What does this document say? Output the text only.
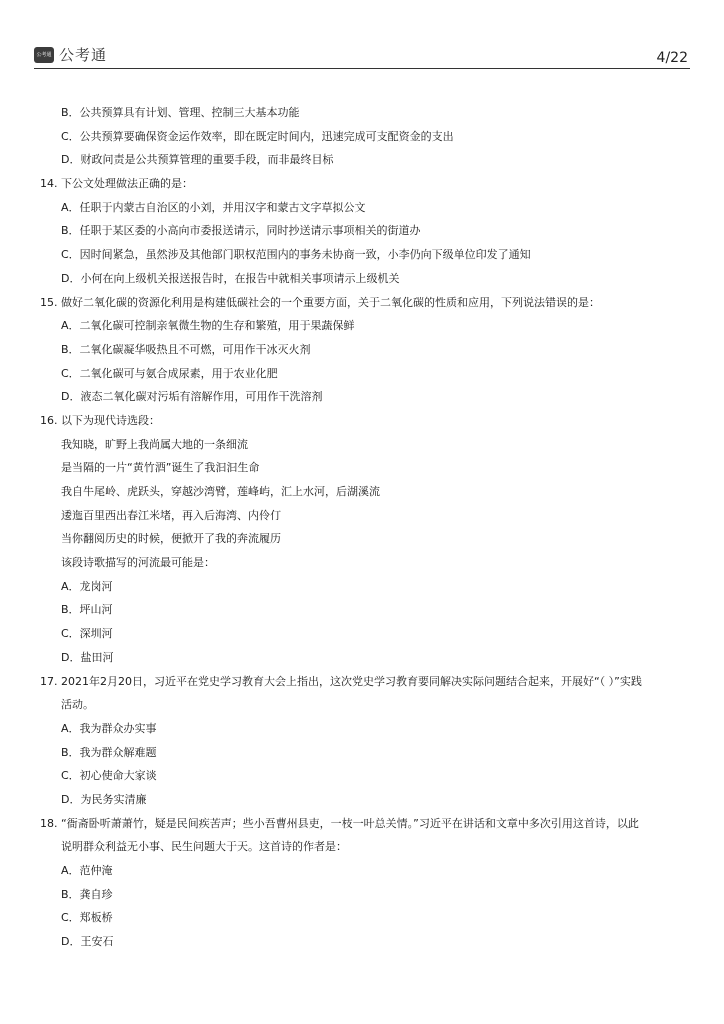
公考通 公考通	4/22
B．公共预算具有计划、管理、控制三大基本功能
C．公共预算要确保资金运作效率，即在既定时间内，迅速完成可支配资金的支出
D．财政问责是公共预算管理的重要手段，而非最终目标
14. 下公文处理做法正确的是：
A．任职于内蒙古自治区的小刘，并用汉字和蒙古文字草拟公文
B．任职于某区委的小高向市委报送请示，同时抄送请示事项相关的街道办
C．因时间紧急，虽然涉及其他部门职权范围内的事务未协商一致，小李仍向下级单位印发了通知
D．小何在向上级机关报送报告时，在报告中就相关事项请示上级机关
15. 做好二氧化碳的资源化利用是构建低碳社会的一个重要方面，关于二氧化碳的性质和应用，下列说法错误的是：
A．二氧化碳可控制亲氧微生物的生存和繁殖，用于果蔬保鲜
B．二氧化碳凝华吸热且不可燃，可用作干冰灭火剂
C．二氧化碳可与氨合成尿素，用于农业化肥
D．液态二氧化碳对污垢有溶解作用，可用作干洗溶剂
16. 以下为现代诗选段：
我知晓，旷野上我尚属大地的一条细流
是当隔的一片“黄竹酒”诞生了我汩汩生命
我自牛尾岭、虎跃头，穿越沙湾臂，莲峰屿，汇上水河，后湖溪流
逶迤百里西出春江米堵，再入后海湾、内伶仃
当你翻阅历史的时候，便掀开了我的奔流履历
该段诗歌描写的河流最可能是：
A．龙岗河
B．坪山河
C．深圳河
D．盐田河
17. 2021年2月20日，习近平在党史学习教育大会上指出，这次党史学习教育要同解决实际问题结合起来，开展好“（ ）”实践
活动。
A．我为群众办实事
B．我为群众解难题
C．初心使命大家谈
D．为民务实清廉
18. “衙斋卧听萧萧竹，疑是民间疾苦声；些小吾曹州县吏，一枝一叶总关情。”习近平在讲话和文章中多次引用这首诗，以此
说明群众利益无小事、民生问题大于天。这首诗的作者是：
A．范仲淹
B．龚自珍
C．郑板桥
D．王安石
